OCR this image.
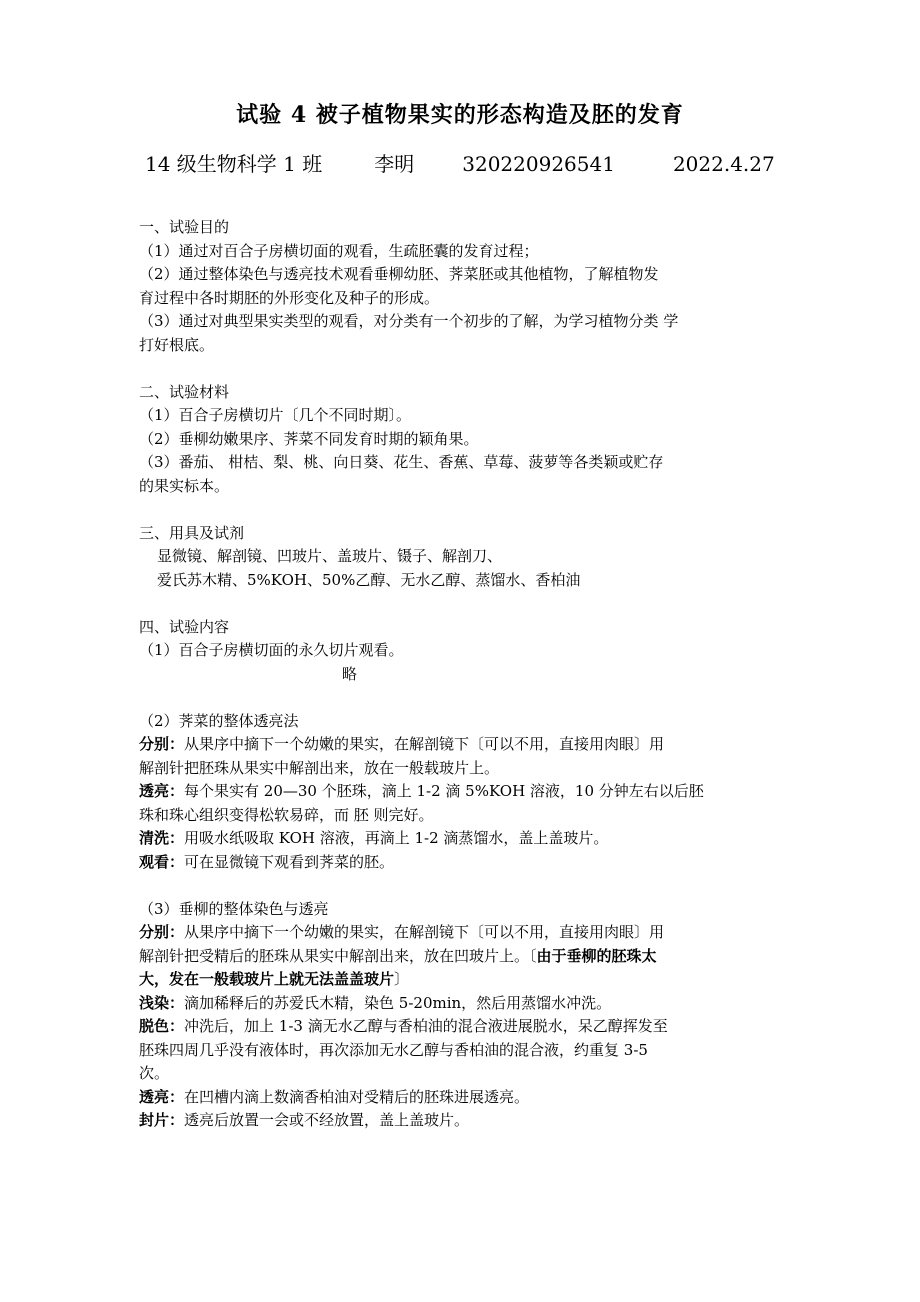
试验 4 被子植物果实的形态构造及胚的发育
14 级生物科学 1 班	李明 320220926541	2022.4.27
一、试验目的
（1）通过对百合子房横切面的观看，生疏胚囊的发育过程；
（2）通过整体染色与透亮技术观看垂柳幼胚、荠菜胚或其他植物，了解植物发
育过程中各时期胚的外形变化及种子的形成。
（3）通过对典型果实类型的观看，对分类有一个初步的了解，为学习植物分类 学
打好根底。
二、试验材料
（1）百合子房横切片〔几个不同时期〕。
（2）垂柳幼嫩果序、荠菜不同发育时期的颖角果。
（3）番茄、 柑桔、梨、桃、向日葵、花生、香蕉、草莓、菠萝等各类颖或贮存
的果实标本。
三、用具及试剂
显微镜、解剖镜、凹玻片、盖玻片、镊子、解剖刀、
爱氏苏木精、5%KOH、50%乙醇、无水乙醇、蒸馏水、香柏油
四、试验内容
（1）百合子房横切面的永久切片观看。
略
（2）荠菜的整体透亮法
分别：从果序中摘下一个幼嫩的果实，在解剖镜下〔可以不用，直接用肉眼〕用
解剖针把胚珠从果实中解剖出来，放在一般载玻片上。
透亮：每个果实有 20—30 个胚珠，滴上 1-2 滴 5%KOH 溶液，10 分钟左右以后胚
珠和珠心组织变得松软易碎，而 胚 则完好。
清洗：用吸水纸吸取 KOH 溶液，再滴上 1-2 滴蒸馏水，盖上盖玻片。
观看：可在显微镜下观看到荠菜的胚。
（3）垂柳的整体染色与透亮
分别：从果序中摘下一个幼嫩的果实，在解剖镜下〔可以不用，直接用肉眼〕用
解剖针把受精后的胚珠从果实中解剖出来，放在凹玻片上。〔由于垂柳的胚珠太
大，发在一般载玻片上就无法盖盖玻片〕
浅染：滴加稀释后的苏爱氏木精，染色 5-20min，然后用蒸馏水冲洗。
脱色：冲洗后，加上 1-3 滴无水乙醇与香柏油的混合液进展脱水，呆乙醇挥发至
胚珠四周几乎没有液体时，再次添加无水乙醇与香柏油的混合液，约重复 3-5
次。
透亮：在凹槽内滴上数滴香柏油对受精后的胚珠进展透亮。
封片：透亮后放置一会或不经放置，盖上盖玻片。
